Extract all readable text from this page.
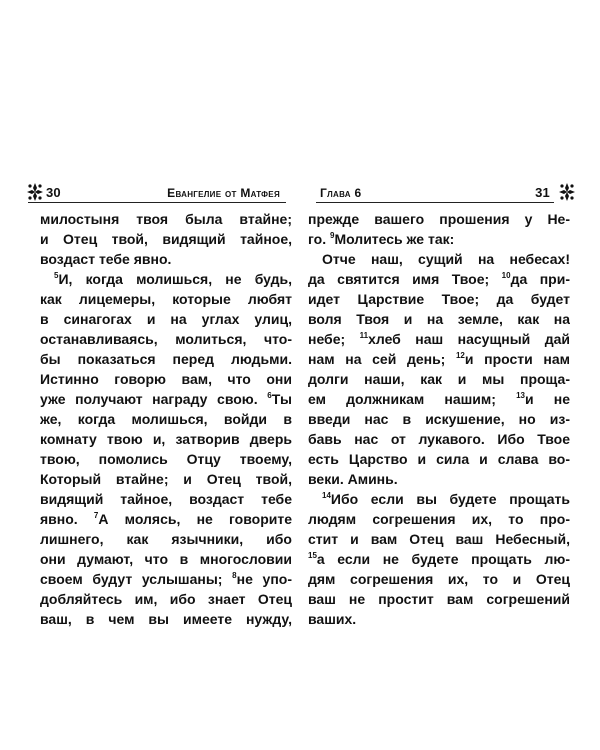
30	Евангелие от Матфея
милостыня твоя была втайне;
и Отец твой, видящий тайное,
воздаст тебе явно.
$^5$И, когда молишься, не будь,
как лицемеры, которые любят
в синагогах и на углах улиц,
останавливаясь, молиться, что-
бы показаться перед людьми.
Истинно говорю вам, что они
уже получают награду свою. $^6$Ты
же, когда молишься, войди в
комнату твою и, затворив дверь
твою, помолись Отцу твоему,
Который втайне; и Отец твой,
видящий тайное, воздаст тебе
явно. $^7$А молясь, не говорите
лишнего, как язычники, ибо
они думают, что в многословии
своем будут услышаны; $^8$не упо-
добляйтесь им, ибо знает Отец
ваш, в чем вы имеете нужду,
Глава 6	31
прежде вашего прошения у Не-
го. $^9$Молитесь же так:
Отче наш, сущий на небесах!
да святится имя Твое; $^{10}$да при-
идет Царствие Твое; да будет
воля Твоя и на земле, как на
небе; $^{11}$хлеб наш насущный дай
нам на сей день; $^{12}$и прости нам
долги наши, как и мы проща-
ем должникам нашим;	$^{13}$и не
введи нас в искушение, но из-
бавь нас от лукавого. Ибо Твое
есть Царство и сила и слава во-
веки. Аминь.
$^{14}$Ибо если вы будете прощать
людям согрешения их, то про-
стит и вам Отец ваш Небесный,
$^{15}$а если не будете прощать лю-
дям согрешения их, то и Отец
ваш не простит вам согрешений
ваших.
